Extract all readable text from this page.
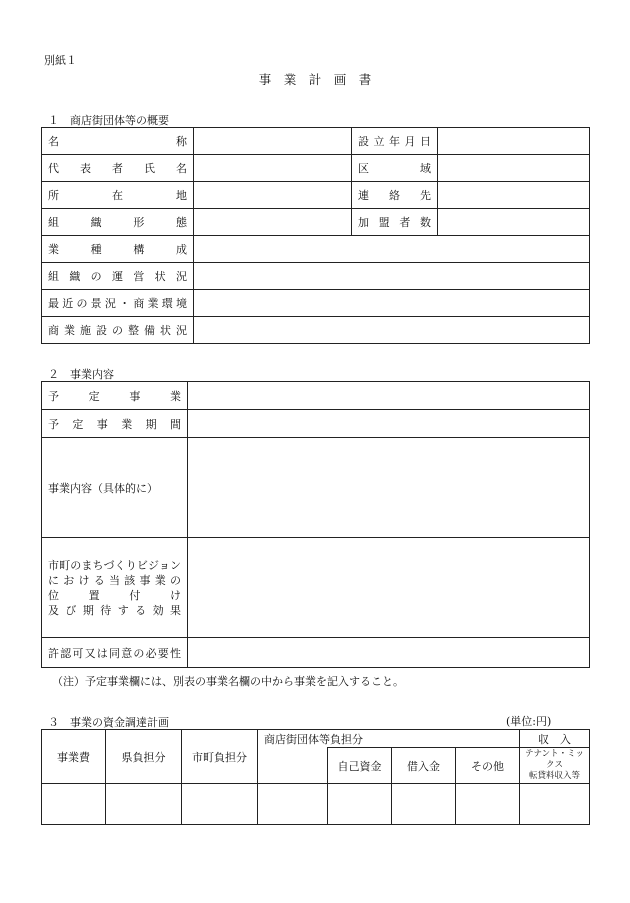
別紙１
事　業　計　画　書
１　商店街団体等の概要
名称		設立年月日	
代表者氏名		区域	
所在地		連絡先	
組織形態		加盟者数	
業種構成			
組織の運営状況			
最近の景況・商業環境			
商業施設の整備状況			
２　事業内容
予定事業	
予定事業期間	
事業内容（具体的に）	

市町のまちづくりビジョンにおける当該事業の
位置付け
及び期待する効果	

許認可又は同意の必要性	
（注）予定事業欄には、別表の事業名欄の中から事業を記入すること。
３　事業の資金調達計画	(単位:円)
事業費	県負担分	市町負担分	商店街団体等負担分				収　入
				自己資金	借入金	その他	テナント・ミックス
転貸料収入等
